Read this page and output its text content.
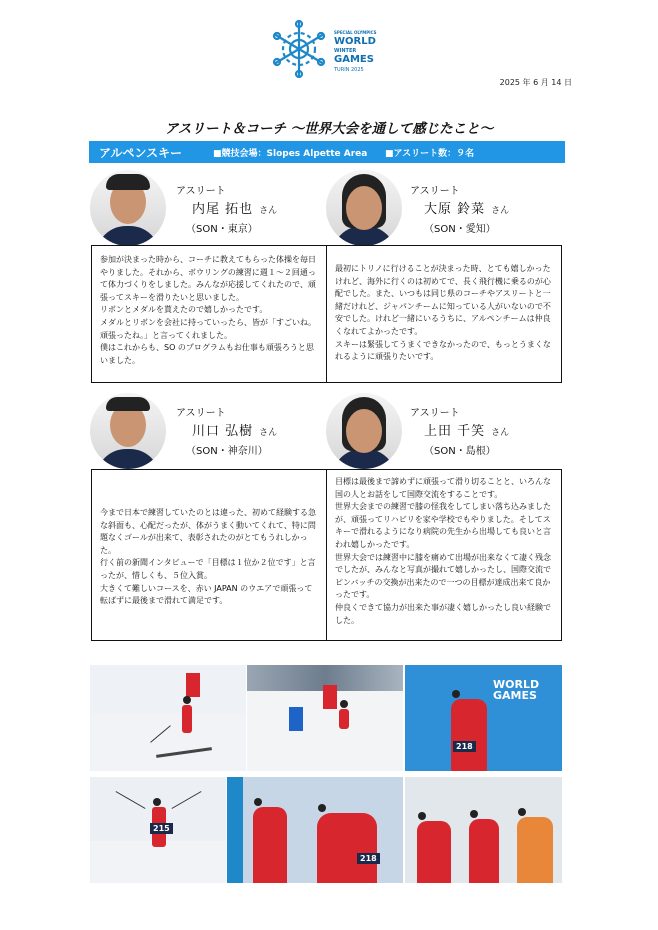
SPECIAL OLYMPICS
WORLD
WINTER
GAMES
TURIN 2025
2025 年 6 月 14 日
アスリート＆コーチ ～世界大会を通して感じたこと～
アルペンスキー	■競技会場：Slopes Alpette Area ■アスリート数：９名
アスリート
内尾 拓也 さん
（SON・東京）
アスリート
大原 鈴菜 さん
（SON・愛知）

参加が決まった時から、コーチに教えてもらった体操を毎日やりました。それから、ボウリングの練習に週１～２回通って体力づくりをしました。みんなが応援してくれたので、頑張ってスキーを滑りたいと思いました。
リボンとメダルを貰えたので嬉しかったです。
メダルとリボンを会社に持っていったら、皆が「すごいね。頑張ったね。」と言ってくれました。
僕はこれからも、SO のプログラムもお仕事も頑張ろうと思いました。

最初にトリノに行けることが決まった時、とても嬉しかったけれど、海外に行くのは初めてで、長く飛行機に乗るのが心配でした。また、いつもは同じ県のコーチやアスリートと一緒だけれど、ジャパンチームに知っている人がいないので不安でした。けれど一緒にいるうちに、アルペンチームは仲良くなれてよかったです。
スキーは緊張してうまくできなかったので、もっとうまくなれるように頑張りたいです。

アスリート
川口 弘樹 さん
（SON・神奈川）
アスリート
上田 千笑 さん
（SON・島根）

今まで日本で練習していたのとは違った、初めて経験する急な斜面も、心配だったが、体がうまく動いてくれて、特に問題なくゴールが出来て、表彰されたのがとてもうれしかった。
行く前の新聞インタビューで「目標は１位か２位です」と言ったが、惜しくも、５位入賞。
大きくて難しいコースを、赤い JAPAN のウエアで頑張って転ばずに最後まで滑れて満足です。

目標は最後まで諦めずに頑張って滑り切ることと、いろんな国の人とお話をして国際交流をすることです。
世界大会までの練習で膝の怪我をしてしまい落ち込みましたが、頑張ってリハビリを家や学校でもやりました。そしてスキーで滑れるようになり病院の先生から出場しても良いと言われ嬉しかったです。
世界大会では練習中に膝を痛めて出場が出来なくて凄く残念でしたが、みんなと写真が撮れて嬉しかったし、国際交流でピンバッチの交換が出来たので一つの目標が達成出来て良かったです。
仲良くできて協力が出来た事が凄く嬉しかったし良い経験でした。

WORLD
GAMES
218
215
218
